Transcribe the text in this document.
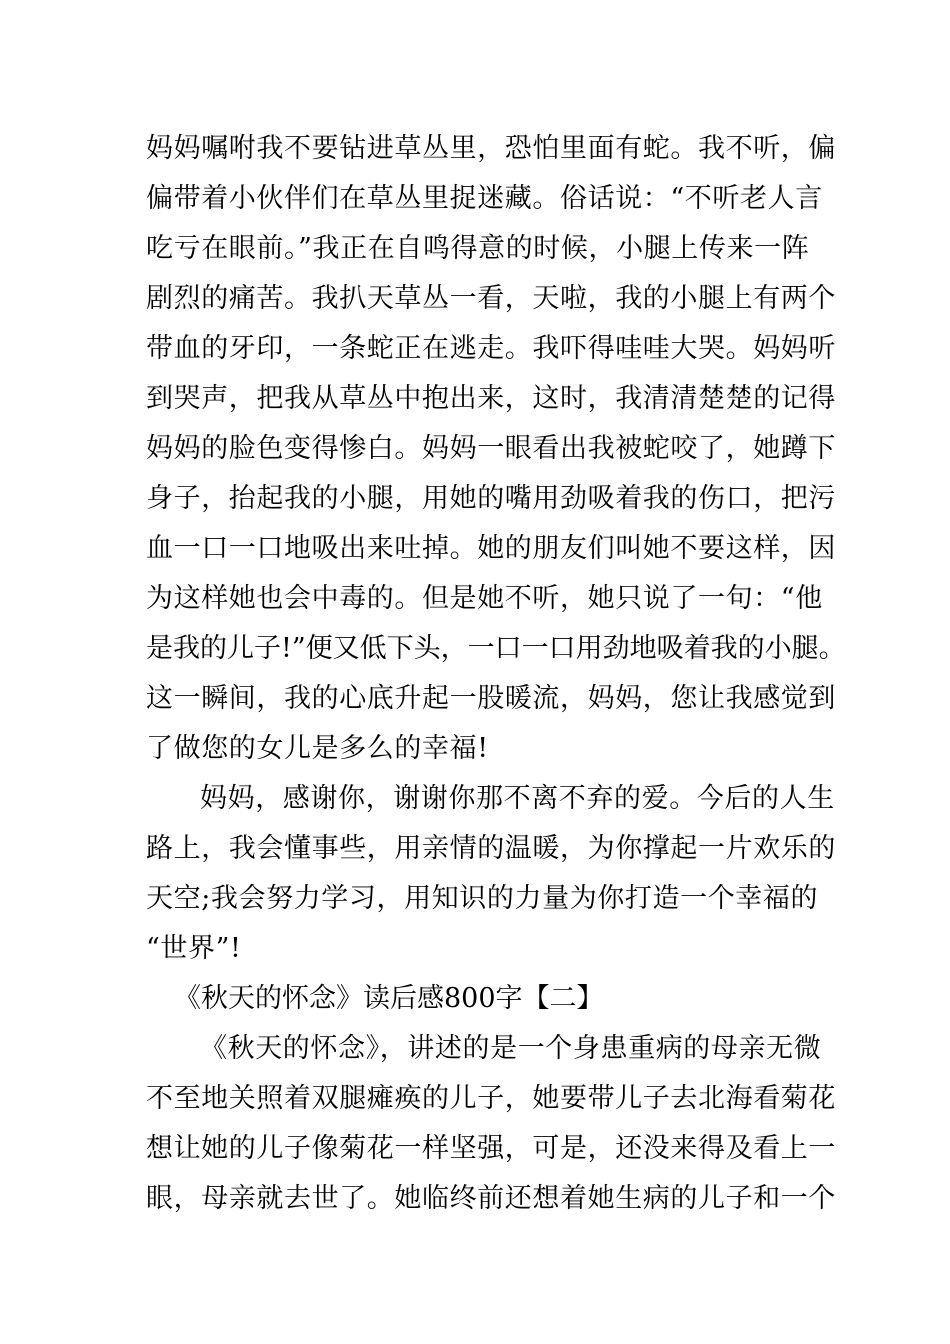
妈妈嘱咐我不要钻进草丛里，恐怕里面有蛇。我不听，偏
偏带着小伙伴们在草丛里捉迷藏。俗话说：“不听老人言
吃亏在眼前。”我正在自鸣得意的时候，小腿上传来一阵
剧烈的痛苦。我扒天草丛一看，天啦，我的小腿上有两个
带血的牙印，一条蛇正在逃走。我吓得哇哇大哭。妈妈听
到哭声，把我从草丛中抱出来，这时，我清清楚楚的记得
妈妈的脸色变得惨白。妈妈一眼看出我被蛇咬了，她蹲下
身子，抬起我的小腿，用她的嘴用劲吸着我的伤口，把污
血一口一口地吸出来吐掉。她的朋友们叫她不要这样，因
为这样她也会中毒的。但是她不听，她只说了一句：“他
是我的儿子!”便又低下头，一口一口用劲地吸着我的小腿。
这一瞬间，我的心底升起一股暖流，妈妈，您让我感觉到
了做您的女儿是多么的幸福!
妈妈，感谢你，谢谢你那不离不弃的爱。今后的人生
路上，我会懂事些，用亲情的温暖，为你撑起一片欢乐的
天空;我会努力学习，用知识的力量为你打造一个幸福的
“世界”!
《秋天的怀念》读后感800字【二】
《秋天的怀念》，讲述的是一个身患重病的母亲无微
不至地关照着双腿瘫痪的儿子，她要带儿子去北海看菊花
想让她的儿子像菊花一样坚强，可是，还没来得及看上一
眼，母亲就去世了。她临终前还想着她生病的儿子和一个
